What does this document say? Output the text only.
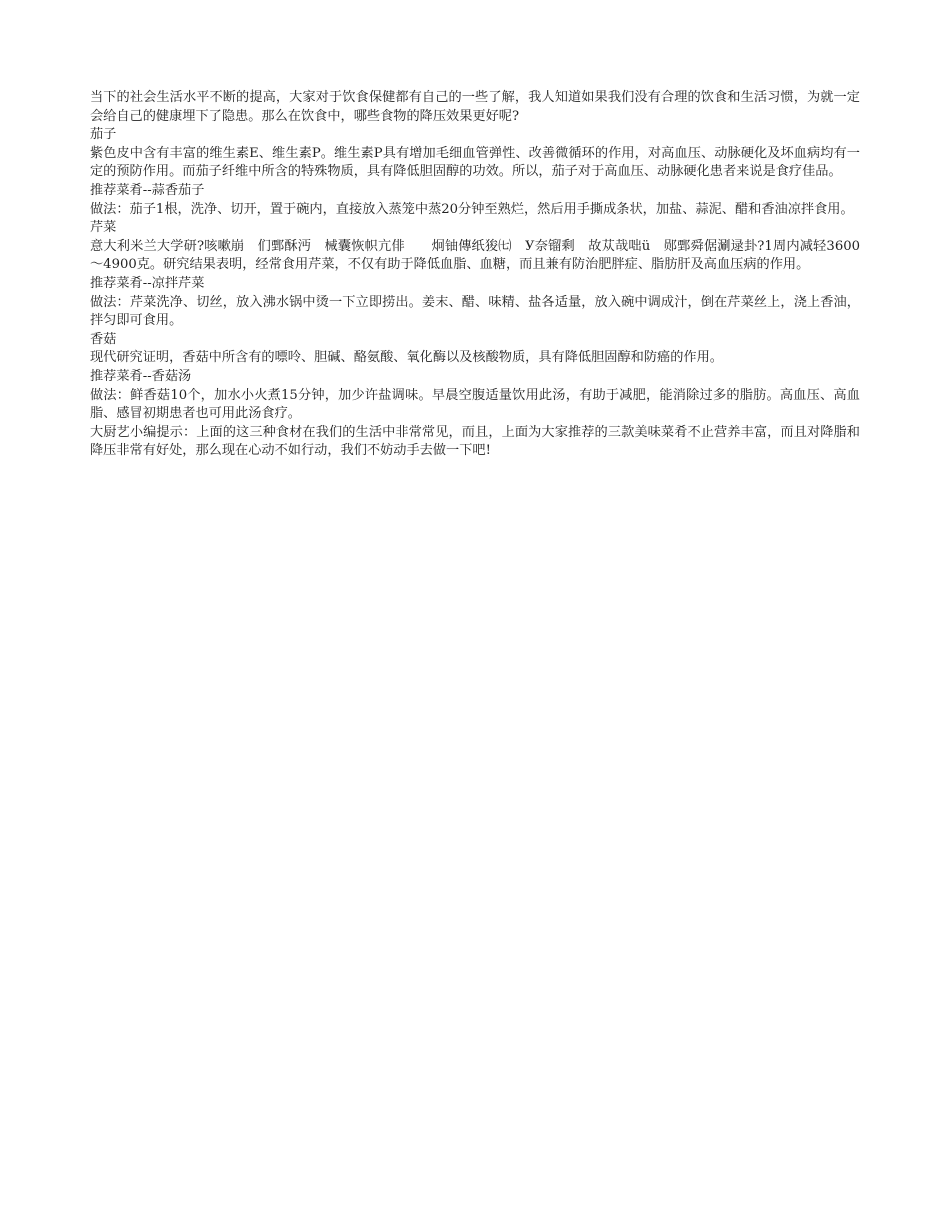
当下的社会生活水平不断的提高，大家对于饮食保健都有自己的一些了解，我人知道如果我们没有合理的饮食和生活习惯，为就一定会给自己的健康埋下了隐患。那么在饮食中，哪些食物的降压效果更好呢?

茄子

紫色皮中含有丰富的维生素E、维生素P。维生素P具有增加毛细血管弹性、改善微循环的作用，对高血压、动脉硬化及坏血病均有一定的预防作用。而茄子纤维中所含的特殊物质，具有降低胆固醇的功效。所以，茄子对于高血压、动脉硬化患者来说是食疗佳品。

推荐菜肴--蒜香茄子

做法：茄子1根，洗净、切开，置于碗内，直接放入蒸笼中蒸20分钟至熟烂，然后用手撕成条状，加盐、蒜泥、醋和香油凉拌食用。

芹菜

意大利米兰大学研?咳嗽崩　们鄄酥沔　械囊恢帜亢俳　　炯铀傳纸狻㈦　У奈镏剩　故苁哉咄ü　郧鄄舜倨涮逯卦?1周内减轻3600～4900克。研究结果表明，经常食用芹菜，不仅有助于降低血脂、血糖，而且兼有防治肥胖症、脂肪肝及高血压病的作用。

推荐菜肴--凉拌芹菜

做法：芹菜洗净、切丝，放入沸水锅中烫一下立即捞出。姜末、醋、味精、盐各适量，放入碗中调成汁，倒在芹菜丝上，浇上香油，拌匀即可食用。

香菇

现代研究证明，香菇中所含有的嘌呤、胆碱、酪氨酸、氧化酶以及核酸物质，具有降低胆固醇和防癌的作用。

推荐菜肴--香菇汤

做法：鲜香菇10个，加水小火煮15分钟，加少许盐调味。早晨空腹适量饮用此汤，有助于减肥，能消除过多的脂肪。高血压、高血脂、感冒初期患者也可用此汤食疗。

大厨艺小编提示：上面的这三种食材在我们的生活中非常常见，而且，上面为大家推荐的三款美味菜肴不止营养丰富，而且对降脂和降压非常有好处，那么现在心动不如行动，我们不妨动手去做一下吧!
